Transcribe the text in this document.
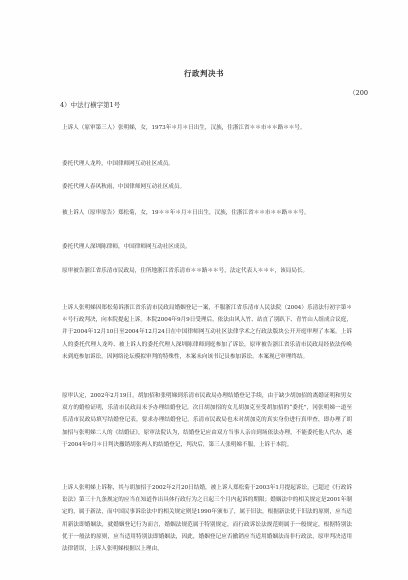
行政判决书
（200
4）中法行横字第1号
上诉人（原审第三人）张明娣，女，1973年＊月＊日出生，汉族，住浙江省＊＊市＊＊路＊＊号。
委托代理人龙吟，中国律师网互动社区成员。
委托代理人春风秋雨，中国律师网互动社区成员。
被上诉人（原审原告）郑松菊，女，19＊＊年＊月＊日出生，汉族，住浙江省＊＊市＊＊路＊＊号。
委托代理人深圳陈律师，中国律师网互动社区成员。
原审被告浙江省乐清市民政局，住所地浙江省乐清市＊＊路＊＊号，法定代表人＊＊＊，该局局长。
上诉人张明娣因郑松菊诉浙江省乐清市民政局婚姻登记一案，不服浙江省乐清市人民法院（2004）乐清法行初字第＊＊号行政判决，向本院提起上诉。本院2004年9月9日受理后，依法由风入竹、站直了别趴下、青竹山人组成合议庭，并于2004年12月10日至2004年12月24日在中国律师网互动社区法律学术之行政法版块公开开庭审理了本案。上诉人的委托代理人龙吟、被上诉人的委托代理人深圳陈律师到庭参加了诉讼，原审被告浙江省乐清市民政局经依法传唤未到庭参加诉讼。因网络论坛模拟审判的特殊性，本案未向该书记员参加诉讼。本案现已审理终结。
原审认定，2002年2月19日，胡加招和张明娣到乐清市民政局办理结婚登记手续，由于缺少胡加招的离婚证明和男女双方的婚检证明，乐清市民政局未予办理结婚登记，次日胡加招的女儿胡加克至受胡加招的“委托”，冈张明娣一道至乐清市民政局填写结婚登记表，要求办理结婚登记，乐清市民政局也未对胡加克的真实身份进行真审查，即办理了胡加招与张明娣二人的《结婚证》，原审法院认为，结婚登记应由双方当事人亲自到场依法办理，不能委托他人代办，遂于2004年9月＊日判决撤销胡张两人的结婚登记，判决后，第三人张明娣不服，上诉于本院。
上诉人张明娣上诉称，其与胡加招于2002年2月20日结婚，被上诉人郑松菊于2003年1月提起诉讼，已超过《行政诉讼法》第三十九条规定的应当在知道作出具体行政行为之日起三个月内起诉的期限；婚姻法中的相关规定是2001年制定的，属于新法，而中国民事诉讼法中的相关规定则是1990年颁布了，属于旧法，根据新法优于旧法的原则，应当适用新法即婚姻法，就婚姻登记行为而言，婚姻法规范属于特别规定，而行政诉讼法规范则属于一般规定，根据特别法优于一般法的原则，应当适用特别法即婚姻法，因此，婚姻登记应否撤销应当适用婚姻法而非行政法，原审判决适用法律错误，上诉人张明娣根据以上理由，
